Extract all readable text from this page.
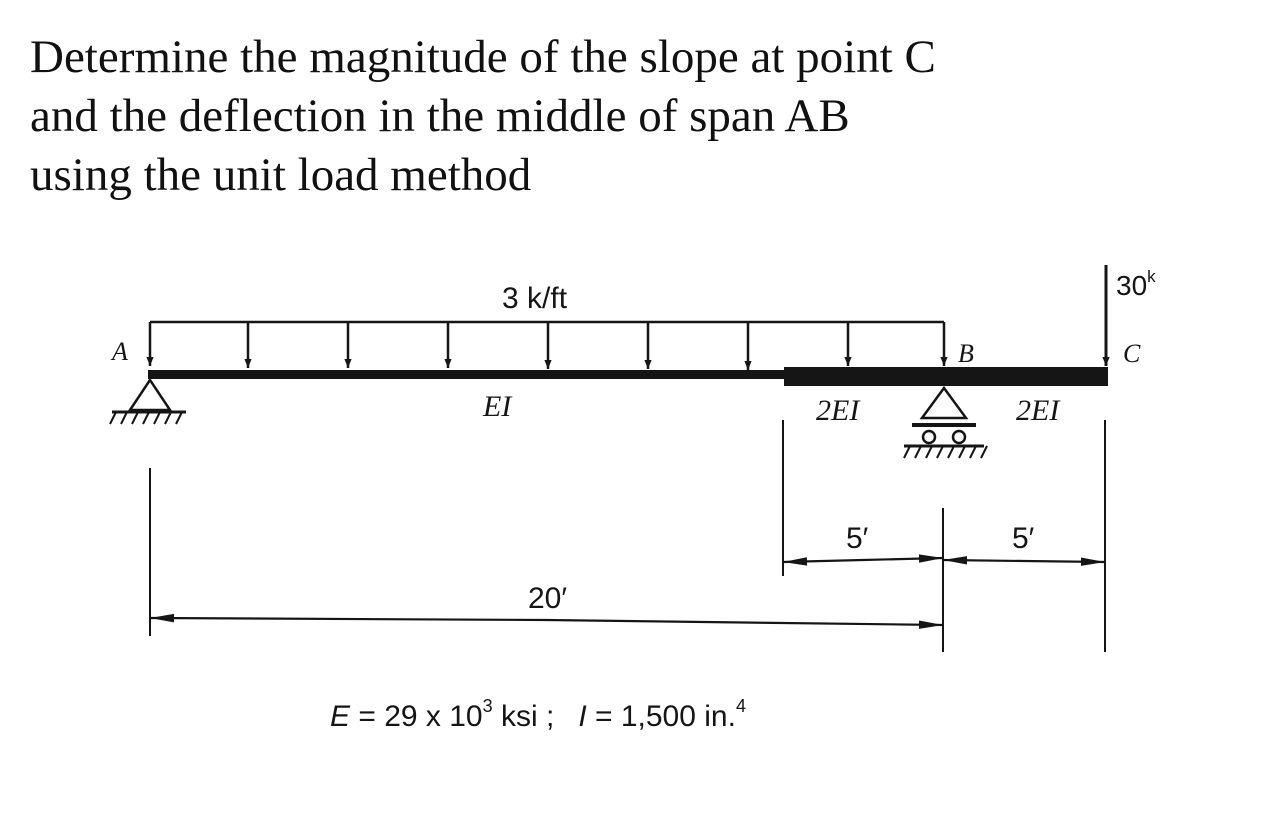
Determine the magnitude of the slope at point C
and the deflection in the middle of span AB
using the unit load method
3 k/ft
A	B	C
30$^k$
EI	2EI	2EI
20′
5′	5′
E = 29 x $10^3$ ksi ; I = 1,500 in.$^4$
